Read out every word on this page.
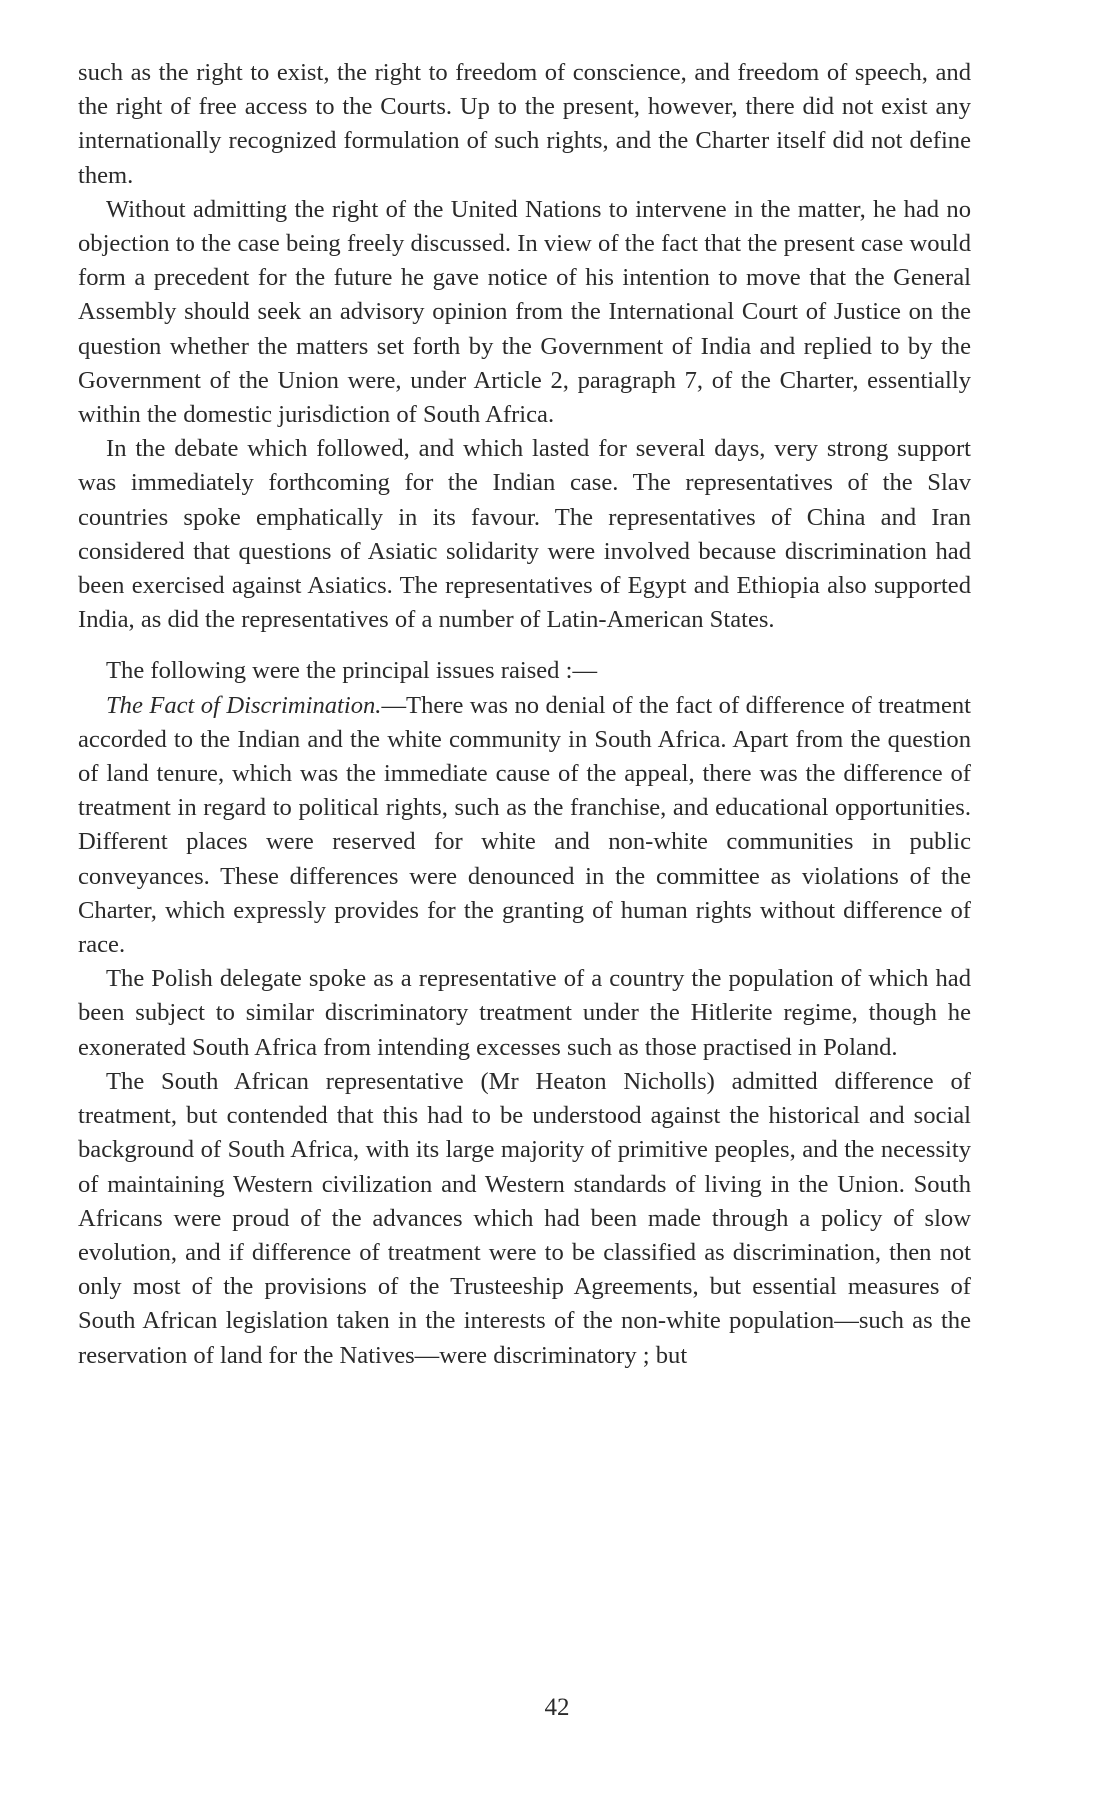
such as the right to exist, the right to freedom of conscience, and freedom of speech, and the right of free access to the Courts. Up to the present, however, there did not exist any internationally recognized formulation of such rights, and the Charter itself did not define them.

Without admitting the right of the United Nations to intervene in the matter, he had no objection to the case being freely discussed. In view of the fact that the present case would form a precedent for the future he gave notice of his intention to move that the General Assembly should seek an advisory opinion from the International Court of Justice on the question whether the matters set forth by the Government of India and replied to by the Government of the Union were, under Article 2, paragraph 7, of the Charter, essentially within the domestic jurisdiction of South Africa.

In the debate which followed, and which lasted for several days, very strong support was immediately forthcoming for the Indian case. The representatives of the Slav countries spoke emphatically in its favour. The representatives of China and Iran considered that questions of Asiatic solidarity were involved because discrimination had been exercised against Asiatics. The representatives of Egypt and Ethiopia also supported India, as did the representatives of a number of Latin-American States.

The following were the principal issues raised :—

The Fact of Discrimination.—There was no denial of the fact of difference of treatment accorded to the Indian and the white community in South Africa. Apart from the question of land tenure, which was the immediate cause of the appeal, there was the difference of treatment in regard to political rights, such as the franchise, and educational opportunities. Different places were reserved for white and non-white communities in public conveyances. These differences were denounced in the committee as violations of the Charter, which expressly provides for the granting of human rights without difference of race.

The Polish delegate spoke as a representative of a country the population of which had been subject to similar discriminatory treatment under the Hitlerite regime, though he exonerated South Africa from intending excesses such as those practised in Poland.

The South African representative (Mr Heaton Nicholls) admitted difference of treatment, but contended that this had to be understood against the historical and social background of South Africa, with its large majority of primitive peoples, and the necessity of maintaining Western civilization and Western standards of living in the Union. South Africans were proud of the advances which had been made through a policy of slow evolution, and if difference of treatment were to be classified as discrimination, then not only most of the provisions of the Trusteeship Agreements, but essential measures of South African legislation taken in the interests of the non-white population—such as the reservation of land for the Natives—were discriminatory ; but

42
